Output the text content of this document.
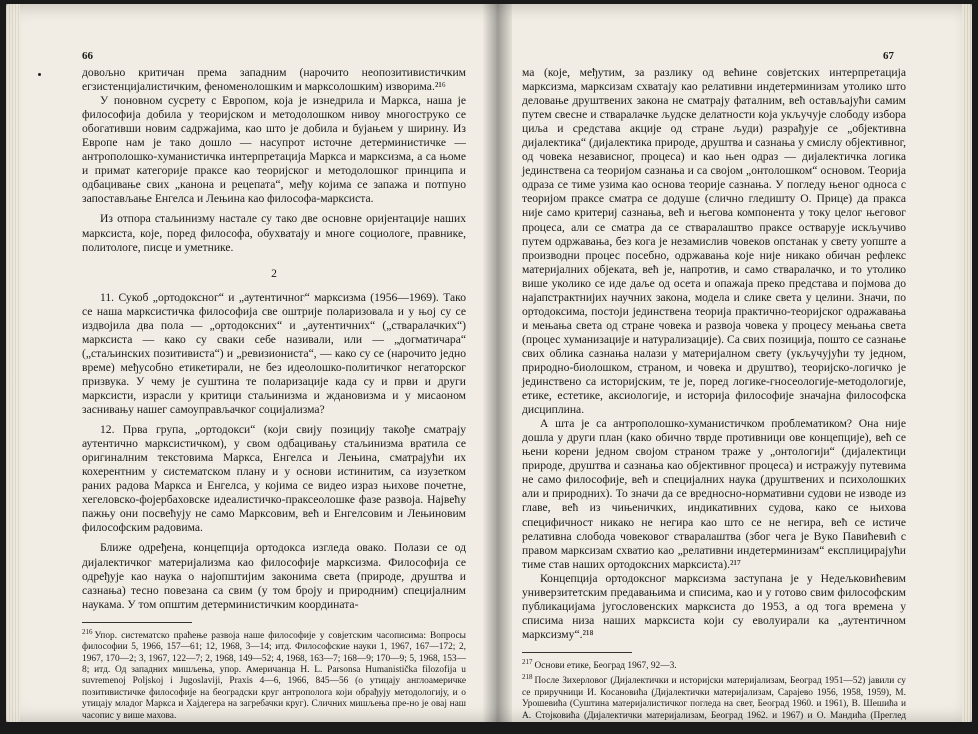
66	67

довољно критичан према западним (нарочито неопозитивистичким егзистенцијалистичким, феноменолошким и марксолошким) изворима.²¹⁶

У поновном сусрету с Европом, која је изнедрила и Маркса, наша је философија добила у теоријском и методолошком нивоу многострукo се обогативши новим садржајима, као што је добила и бујањем у ширину. Из Европе нам је тако дошло — насупрот источне детерминистичке — антрополошко-хуманистичка интерпретација Маркса и марксизма, а са њоме и примат категорије праксе као теоријског и методолошког принципа и одбацивање свих „канона и рецепата“, међу којима се запажа и потпуно запостављање Енгелса и Лењина као философа-марксиста.

Из отпора стаљинизму настале су тако две основне оријентације наших марксиста, које, поред философа, обухватају и многе социологе, правнике, политологе, писце и уметнике.

2

11. Сукоб „ортодоксног“ и „аутентичног“ марксизма (1956—1969). Тако се наша марксистичка философија све оштрије поларизовала и у њој су се издвојила два пола — „ортодоксних“ и „аутентичних“ („стваралачких“) марксиста — како су сваки себе називали, или — „догматичара“ („стаљинских позитивиста“) и „ревизиониста“, — како су се (нарочито једно време) међусобно етикетирали, не без идеолошко-политичког негаторског призвука. У чему је суштина те поларизације када су и први и други марксисти, израсли у критици стаљинизма и ждановизма и у мисаоном заснивању нашег самоуправљачког социјализма?

12. Прва група, „ортодокси“ (који свију позицију такође сматрају аутентично марксистичком), у свом одбацивању стаљинизма вратила се оригиналним текстовима Маркса, Енгелса и Лењина, сматрајући их кохерентним у систематском плану и у основи истинитим, са изузетком раних радова Маркса и Енгелса, у којима се видео израз њихове почетне, хегеловско-фојербаховске идеалистичко-праксеолошке фазе развоја. Највећу пажњу они посвећују не само Марксовим, већ и Енгелсовим и Лењиновим философским радовима.

Ближе одређена, концепција ортодокса изгледа овако. Полази се од дијалектичког материјализма као философије марксизма. Философија се одређује као наука о најопштијим законима света (природе, друштва и сазнања) тесно повезана са свим (у том броју и природним) специјалним наукама. У том општим детерминистичким координата-

$^{216}$ Упор. систематско праћење развоја наше философије у совјетским часописима: Вопросы философии 5, 1966, 157—61; 12, 1968, 3—14; итд. Философские науки 1, 1967, 167—172; 2, 1967, 170—2; 3, 1967, 122—7; 2, 1968, 149—52; 4, 1968, 163—7; 168—9; 170—9; 5, 1968, 153—8; итд. Од западних мишљења, упор. Америчанца Н. L. Parsonsa Humanistička filozofija u suvremenoj Poljskoj i Jugoslaviji, Praxis 4—6, 1966, 845—56 (о утицају англоамеричке позитивистичке философије на београдски круг антрополога који обрађују методологију, и о утицају младог Маркса и Хајдегера на загребачки круг). Сличних мишљења пре-но је овај наш часопис у више махова.

ма (које, међутим, за разлику од већине совјетских интерпретација марксизма, марксизам схватају као релативни индетерминизам утолико што деловање друштвених закона не сматрају фаталним, већ остављајући самим путем свесне и стваралачке људске делатности која укључује слободу избора циља и средстава акције од стране људи) разрађује се „објективна дијалектика“ (дијалектика природе, друштва и сазнања у смислу објективног, од човека независног, процеса) и као њен одраз — дијалектичка логика јединствена са теоријом сазнања и са својом „онтолошком“ основом. Теорија одраза се тиме узима као основа теорије сазнања. У погледу њеног односа с теоријом праксе сматра се додуше (слично гледишту О. Прице) да пракса није само критериј сазнања, већ и његова компонента у току целог његовог процеса, али се сматра да се стваралаштво праксе остварује искључиво путем одржавања, без кога је незамислив човеков опстанак у свету уопште а производни процес посебно, одржавања које није никако обичан рефлекс материјалних објеката, већ је, напротив, и само стваралачко, и то утолико више уколико се иде даље од осета и опажаја преко представа и појмова до најапстрактнијих научних закона, модела и слике света у целини. Значи, по ортодоксима, постоји јединствена теорија практично-теоријског одражавања и мењања света од стране човека и развоја човека у процесу мењања света (процес хуманизације и натурализације). Са свих позиција, пошто се сазнање свих облика сазнања налази у материјалном свету (укључујући ту једном, природно-биолошком, страном, и човека и друштво), теоријско-логичко је јединствено са историјским, те је, поред логике-гносеологије-методологије, етике, естетике, аксиологије, и историја философије значајна философска дисциплина.

А шта је са антрополошко-хуманистичком проблематиком? Она није дошла у други план (како обично тврде противници ове концепције), већ се њени корени једном својом страном траже у „онтологији“ (дијалектици природе, друштва и сазнања као објективног процеса) и истражују путевима не само философије, већ и специјалних наука (друштвених и психолошких али и природних). То значи да се вредносно-нормативни судови не изводе из главе, већ из чињеничких, индикативних судова, како се њихова специфичност никако не негира као што се не негира, већ се истиче релативна слобода човековог стваралаштва (због чега је Вуко Павићевић с правом марксизам схватио као „релативни индетерминизам“ експлицирајући тиме став наших ортодоксних марксиста).²¹⁷

Концепција ортодоксног марксизма заступана је у Недељковићевим универзитетским предавањима и списима, као и у готово свим философским публикацијама југословенских марксиста до 1953, а од тога времена у списима низа наших марксиста који су еволуирали ка „аутентичном марксизму“.²¹⁸

$^{217}$ Основи етике, Београд 1967, 92—3.

$^{218}$ После Зихерловог (Дијалектички и историјски материјализам, Београд 1951—52) јавили су се приручници И. Косановића (Дијалектички материјализам, Сарајево 1956, 1958, 1959), М. Урошевића (Суштина материјалистичког погледа на свет, Београд 1960. и 1961), В. Шешића и А. Стојковића (Дијалектички материјализам, Београд 1962. и 1967) и О. Мандића (Преглед дијалектичког матери-
